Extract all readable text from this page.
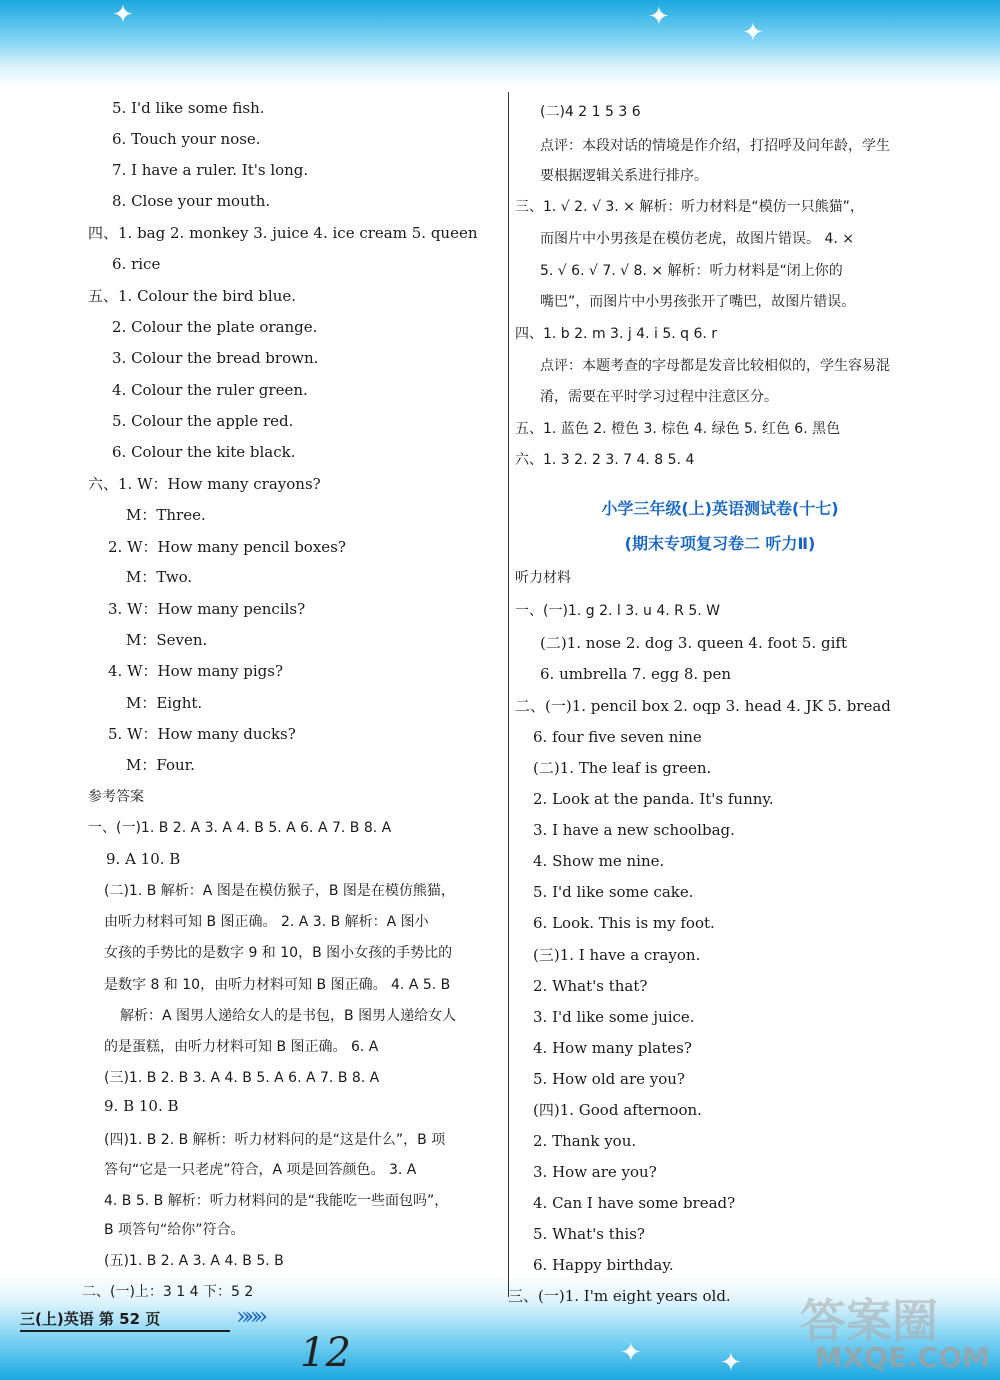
✦	✦
✦
✦	✦
5. I'd like some fish.
6. Touch your nose.
7. I have a ruler. It's long.
8. Close your mouth.
四、1. bag 2. monkey 3. juice 4. ice cream 5. queen
6. rice
五、1. Colour the bird blue.
2. Colour the plate orange.
3. Colour the bread brown.
4. Colour the ruler green.
5. Colour the apple red.
6. Colour the kite black.
六、1. W：How many crayons?
M：Three.
2. W：How many pencil boxes?
M：Two.
3. W：How many pencils?
M：Seven.
4. W：How many pigs?
M：Eight.
5. W：How many ducks?
M：Four.
参考答案
一、(一)1. B 2. A 3. A 4. B 5. A 6. A 7. B 8. A
9. A 10. B
(二)1. B 解析：A 图是在模仿猴子，B 图是在模仿熊猫，
由听力材料可知 B 图正确。 2. A 3. B 解析：A 图小
女孩的手势比的是数字 9 和 10，B 图小女孩的手势比的
是数字 8 和 10，由听力材料可知 B 图正确。 4. A 5. B
解析：A 图男人递给女人的是书包，B 图男人递给女人
的是蛋糕，由听力材料可知 B 图正确。 6. A
(三)1. B 2. B 3. A 4. B 5. A 6. A 7. B 8. A
9. B 10. B
(四)1. B 2. B 解析：听力材料问的是“这是什么”，B 项
答句“它是一只老虎”符合，A 项是回答颜色。 3. A
4. B 5. B 解析：听力材料问的是“我能吃一些面包吗”，
B 项答句“给你”符合。
(五)1. B 2. A 3. A 4. B 5. B
二、(一)上：3 1 4 下：5 2
(二)4 2 1 5 3 6
点评：本段对话的情境是作介绍，打招呼及问年龄，学生
要根据逻辑关系进行排序。
三、1. √ 2. √ 3. × 解析：听力材料是“模仿一只熊猫”，
而图片中小男孩是在模仿老虎，故图片错误。 4. ×
5. √ 6. √ 7. √ 8. × 解析：听力材料是“闭上你的
嘴巴”，而图片中小男孩张开了嘴巴，故图片错误。
四、1. b 2. m 3. j 4. i 5. q 6. r
点评：本题考查的字母都是发音比较相似的，学生容易混
淆，需要在平时学习过程中注意区分。
五、1. 蓝色 2. 橙色 3. 棕色 4. 绿色 5. 红色 6. 黑色
六、1. 3 2. 2 3. 7 4. 8 5. 4
小学三年级(上)英语测试卷(十七)
(期末专项复习卷二 听力Ⅱ)
听力材料
一、(一)1. g 2. l 3. u 4. R 5. W
(二)1. nose 2. dog 3. queen 4. foot 5. gift
6. umbrella 7. egg 8. pen
二、(一)1. pencil box 2. oqp 3. head 4. JK 5. bread
6. four five seven nine
(二)1. The leaf is green.
2. Look at the panda. It's funny.
3. I have a new schoolbag.
4. Show me nine.
5. I'd like some cake.
6. Look. This is my foot.
(三)1. I have a crayon.
2. What's that?
3. I'd like some juice.
4. How many plates?
5. How old are you?
(四)1. Good afternoon.
2. Thank you.
3. How are you?
4. Can I have some bread?
5. What's this?
6. Happy birthday.
三、(一)1. I'm eight years old.
三(上)英语 第 52 页	»»»
12
答案圈
MXQE.COM
